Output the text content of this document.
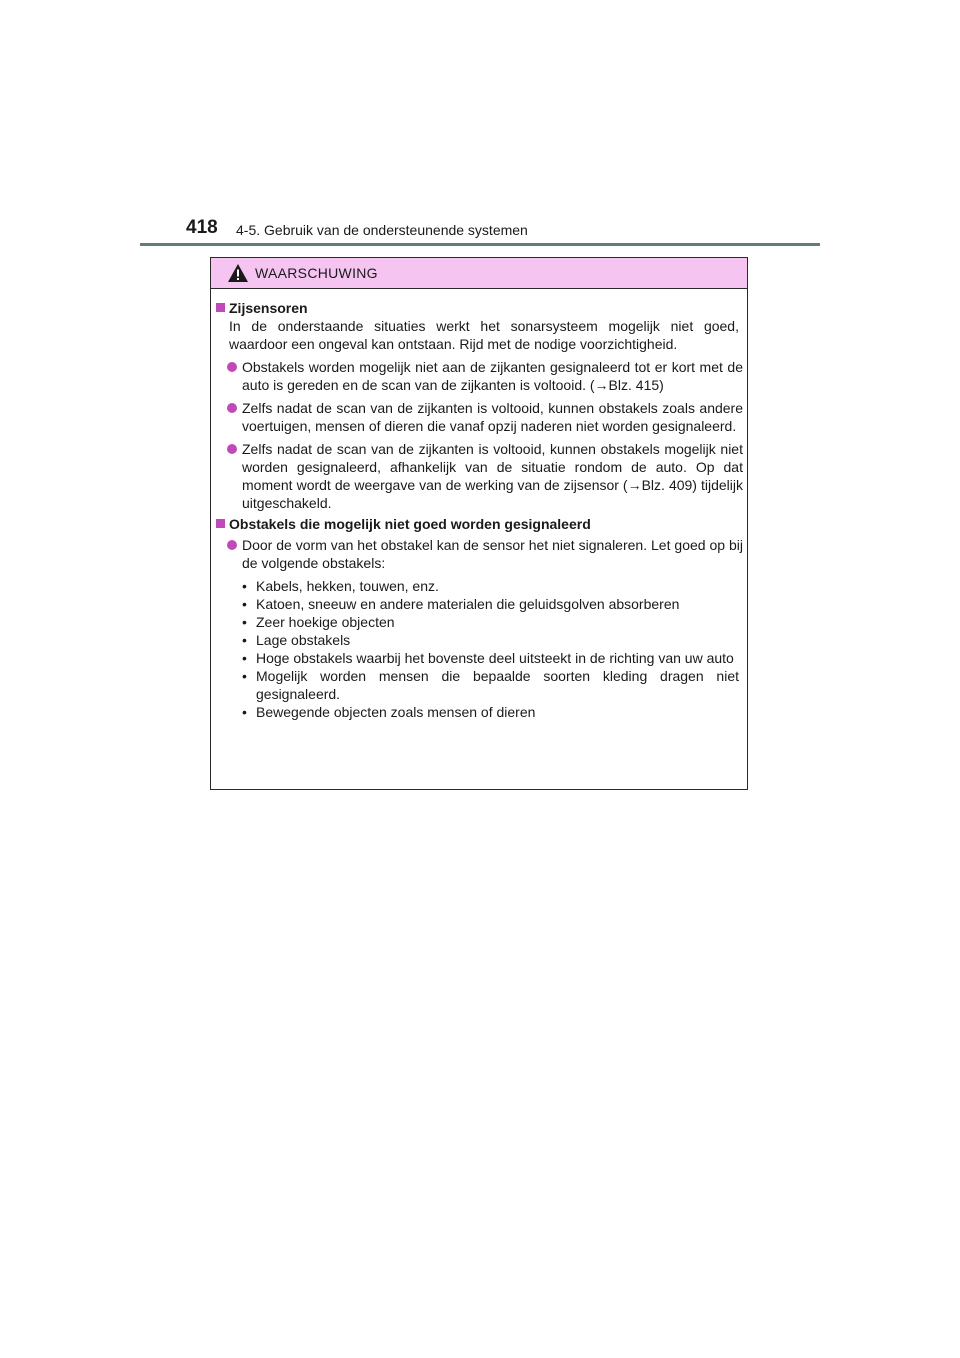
418 4-5. Gebruik van de ondersteunende systemen
WAARSCHUWING
Zijsensoren
In de onderstaande situaties werkt het sonarsysteem mogelijk niet goed, waardoor een ongeval kan ontstaan. Rijd met de nodige voorzichtigheid.
Obstakels worden mogelijk niet aan de zijkanten gesignaleerd tot er kort met de auto is gereden en de scan van de zijkanten is voltooid. (→Blz. 415)
Zelfs nadat de scan van de zijkanten is voltooid, kunnen obstakels zoals andere voertuigen, mensen of dieren die vanaf opzij naderen niet worden gesignaleerd.
Zelfs nadat de scan van de zijkanten is voltooid, kunnen obstakels mogelijk niet worden gesignaleerd, afhankelijk van de situatie rondom de auto. Op dat moment wordt de weergave van de werking van de zijsensor (→Blz. 409) tijdelijk uitgeschakeld.
Obstakels die mogelijk niet goed worden gesignaleerd
Door de vorm van het obstakel kan de sensor het niet signaleren. Let goed op bij de volgende obstakels:
• Kabels, hekken, touwen, enz.
• Katoen, sneeuw en andere materialen die geluidsgolven absorberen
• Zeer hoekige objecten
• Lage obstakels
• Hoge obstakels waarbij het bovenste deel uitsteekt in de richting van uw auto
• Mogelijk worden mensen die bepaalde soorten kleding dragen niet gesignaleerd.
• Bewegende objecten zoals mensen of dieren
